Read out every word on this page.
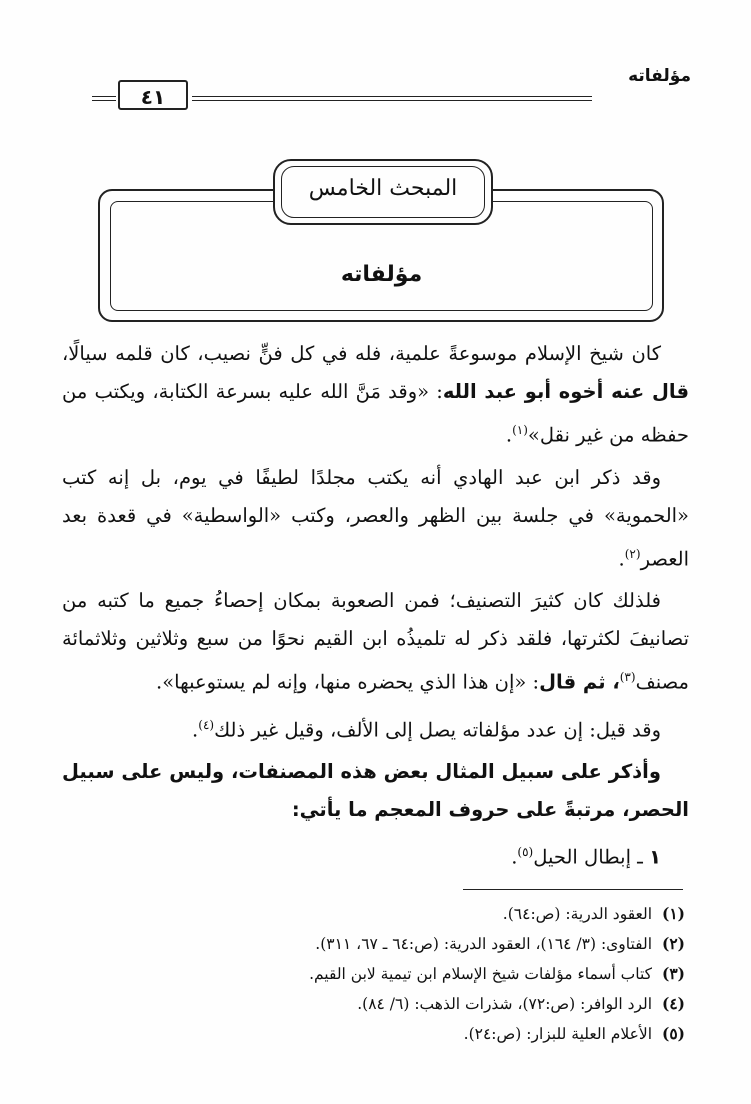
مؤلفاته
٤١
المبحث الخامس
مؤلفاته

كان شيخ الإسلام موسوعةً علمية، فله في كل فنٍّ نصيب، كان قلمه سيالًا، قال عنه أخوه أبو عبد الله: «وقد مَنَّ الله عليه بسرعة الكتابة، ويكتب من حفظه من غير نقل»$^{(١)}$.

وقد ذكر ابن عبد الهادي أنه يكتب مجلدًا لطيفًا في يوم، بل إنه كتب «الحموية» في جلسة بين الظهر والعصر، وكتب «الواسطية» في قعدة بعد العصر$^{(٢)}$.

فلذلك كان كثيرَ التصنيف؛ فمن الصعوبة بمكان إحصاءُ جميع ما كتبه من تصانيفَ لكثرتها، فلقد ذكر له تلميذُه ابن القيم نحوًا من سبع وثلاثين وثلاثمائة مصنف$^{(٣)}$، ثم قال: «إن هذا الذي يحضره منها، وإنه لم يستوعبها».

وقد قيل: إن عدد مؤلفاته يصل إلى الألف، وقيل غير ذلك$^{(٤)}$.

وأذكر على سبيل المثال بعض هذه المصنفات، وليس على سبيل الحصر، مرتبةً على حروف المعجم ما يأتي:

١ ـ إبطال الحيل$^{(٥)}$.

(١) العقود الدرية: (ص:٦٤).
(٢) الفتاوى: (٣/ ١٦٤)، العقود الدرية: (ص:٦٤ ـ ٦٧، ٣١١).
(٣) كتاب أسماء مؤلفات شيخ الإسلام ابن تيمية لابن القيم.
(٤) الرد الوافر: (ص:٧٢)، شذرات الذهب: (٦/ ٨٤).
(٥) الأعلام العلية للبزار: (ص:٢٤).
